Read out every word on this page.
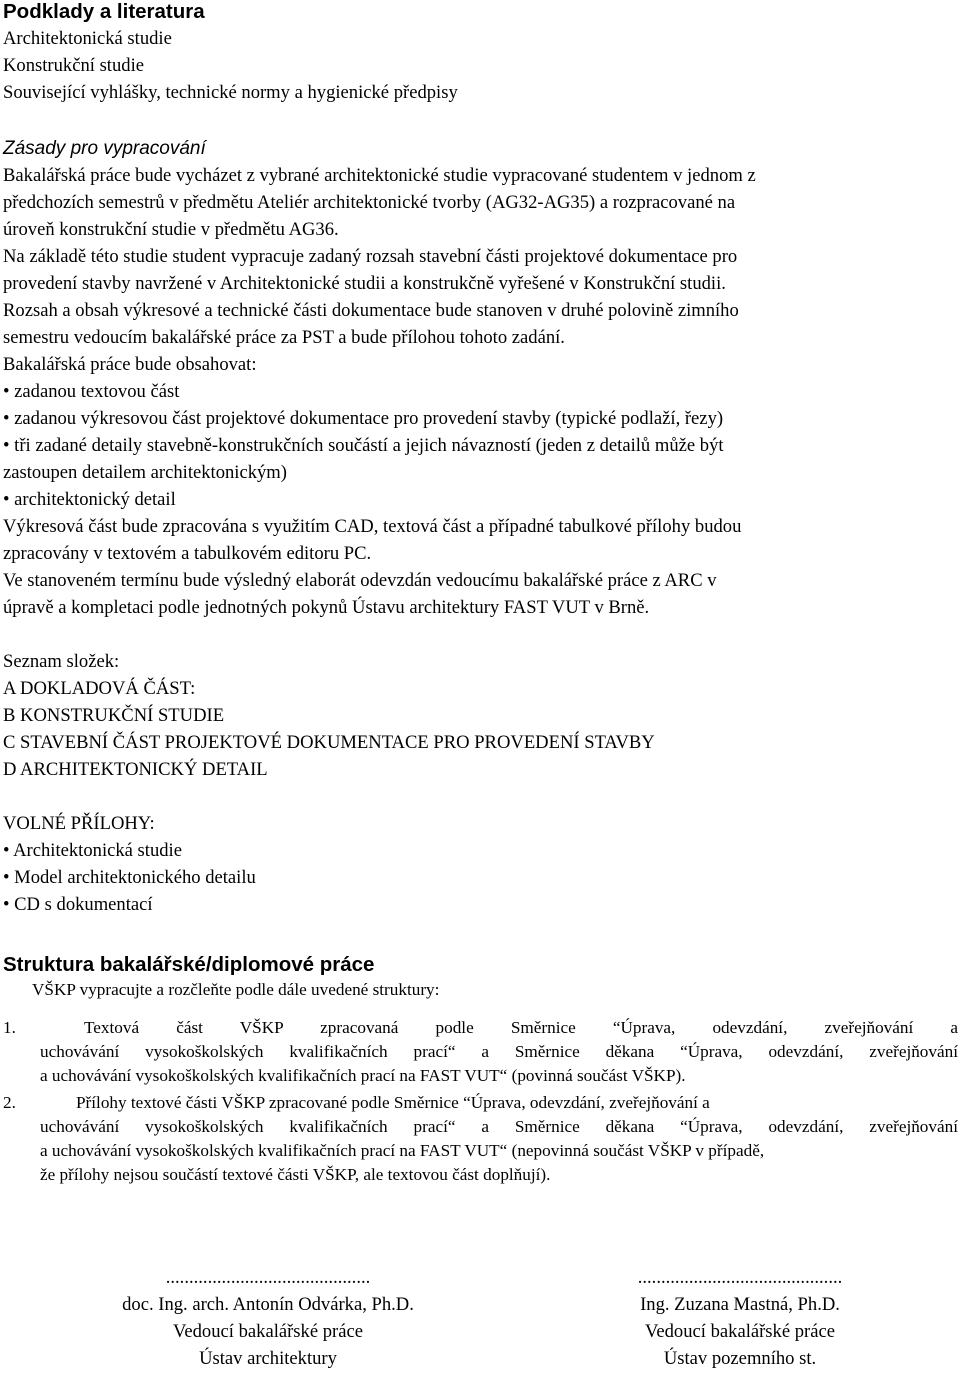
Podklady a literatura
Architektonická studie
Konstrukční studie
Související vyhlášky, technické normy a hygienické předpisy
Zásady pro vypracování
Bakalářská práce bude vycházet z vybrané architektonické studie vypracované studentem v jednom z
předchozích semestrů v předmětu Ateliér architektonické tvorby (AG32-AG35) a rozpracované na
úroveň konstrukční studie v předmětu AG36.
Na základě této studie student vypracuje zadaný rozsah stavební části projektové dokumentace pro
provedení stavby navržené v Architektonické studii a konstrukčně vyřešené v Konstrukční studii.
Rozsah a obsah výkresové a technické části dokumentace bude stanoven v druhé polovině zimního
semestru vedoucím bakalářské práce za PST a bude přílohou tohoto zadání.
Bakalářská práce bude obsahovat:
• zadanou textovou část
• zadanou výkresovou část projektové dokumentace pro provedení stavby (typické podlaží, řezy)
• tři zadané detaily stavebně-konstrukčních součástí a jejich návazností (jeden z detailů může být
zastoupen detailem architektonickým)
• architektonický detail
Výkresová část bude zpracována s využitím CAD, textová část a případné tabulkové přílohy budou
zpracovány v textovém a tabulkovém editoru PC.
Ve stanoveném termínu bude výsledný elaborát odevzdán vedoucímu bakalářské práce z ARC v
úpravě a kompletaci podle jednotných pokynů Ústavu architektury FAST VUT v Brně.
Seznam složek:
A DOKLADOVÁ ČÁST:
B KONSTRUKČNÍ STUDIE
C STAVEBNÍ ČÁST PROJEKTOVÉ DOKUMENTACE PRO PROVEDENÍ STAVBY
D ARCHITEKTONICKÝ DETAIL
VOLNÉ PŘÍLOHY:
• Architektonická studie
• Model architektonického detailu
• CD s dokumentací
Struktura bakalářské/diplomové práce
VŠKP vypracujte a rozčleňte podle dále uvedené struktury:
1.	Textová část VŠKP zpracovaná podle Směrnice “Úprava, odevzdání, zveřejňování a
uchovávání vysokoškolských kvalifikačních prací“ a Směrnice děkana “Úprava, odevzdání, zveřejňování
a uchovávání vysokoškolských kvalifikačních prací na FAST VUT“ (povinná součást VŠKP).
2.	Přílohy textové části VŠKP zpracované podle Směrnice “Úprava, odevzdání, zveřejňování a
uchovávání vysokoškolských kvalifikačních prací“ a Směrnice děkana “Úprava, odevzdání, zveřejňování
a uchovávání vysokoškolských kvalifikačních prací na FAST VUT“ (nepovinná součást VŠKP v případě,
že přílohy nejsou součástí textové části VŠKP, ale textovou část doplňují).
............................................
doc. Ing. arch. Antonín Odvárka, Ph.D.
Vedoucí bakalářské práce
Ústav architektury
............................................
Ing. Zuzana Mastná, Ph.D.
Vedoucí bakalářské práce
Ústav pozemního st.
